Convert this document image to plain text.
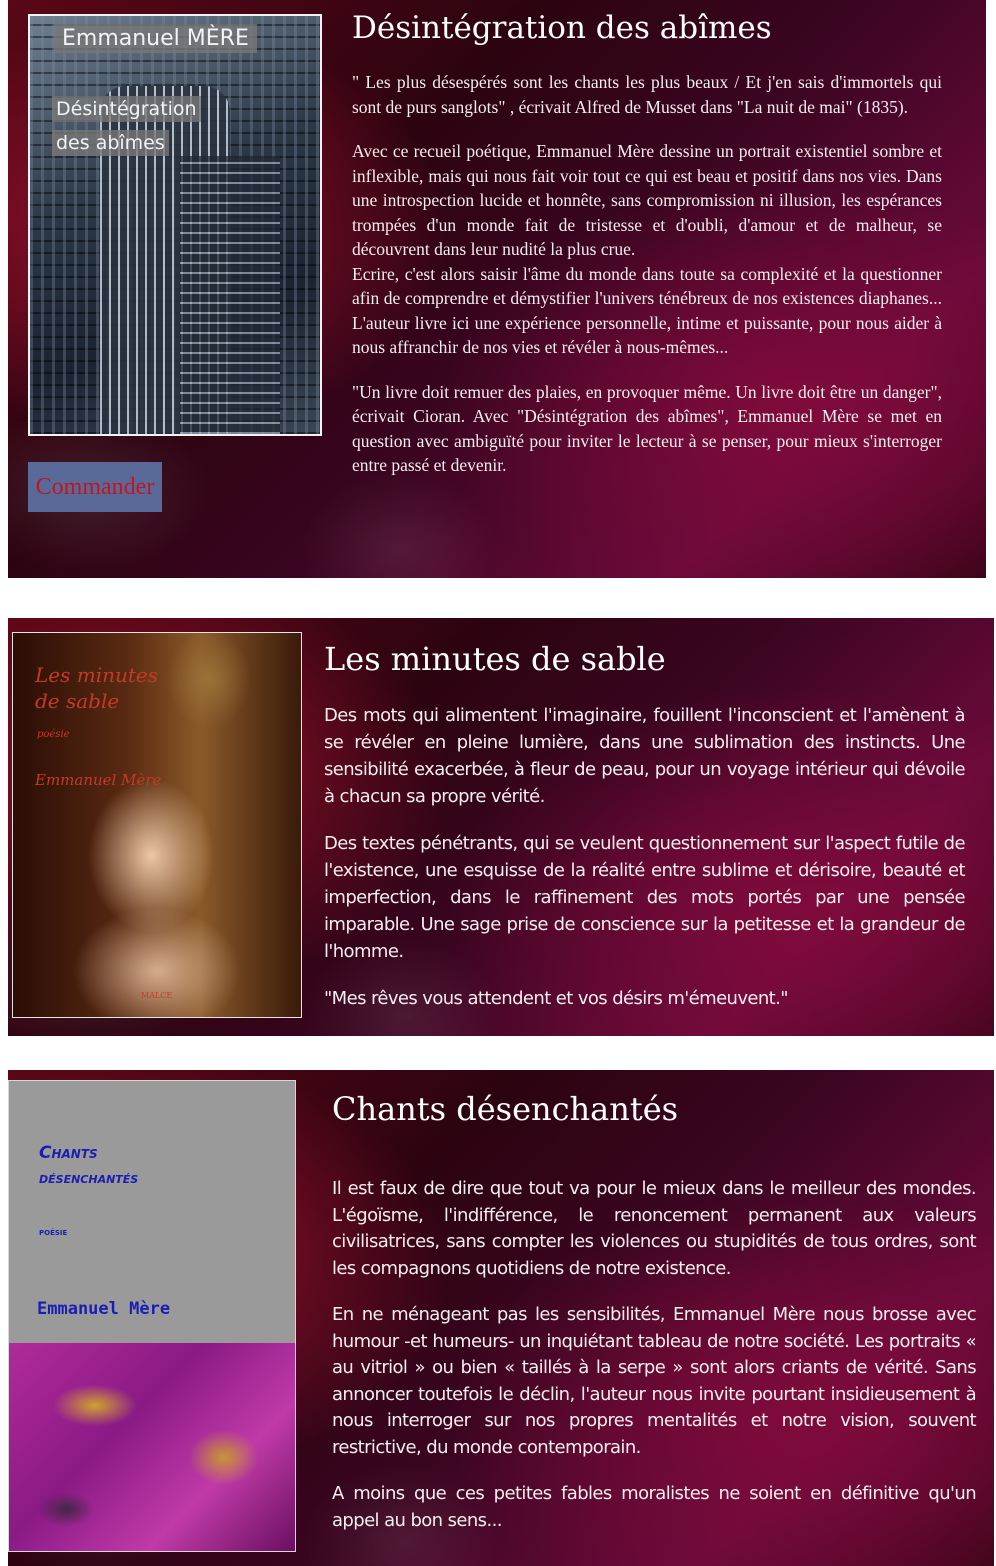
Emmanuel MÈRE
Désintégration
des abîmes
Commander
Désintégration des abîmes

" Les plus désespérés sont les chants les plus beaux / Et j'en sais d'immortels qui sont de purs sanglots" , écrivait Alfred de Musset dans "La nuit de mai" (1835).

Avec ce recueil poétique, Emmanuel Mère dessine un portrait existentiel sombre et inflexible, mais qui nous fait voir tout ce qui est beau et positif dans nos vies. Dans une introspection lucide et honnête, sans compromission ni illusion, les espérances trompées d'un monde fait de tristesse et d'oubli, d'amour et de malheur, se découvrent dans leur nudité la plus crue.

Ecrire, c'est alors saisir l'âme du monde dans toute sa complexité et la questionner afin de comprendre et démystifier l'univers ténébreux de nos existences diaphanes... L'auteur livre ici une expérience personnelle, intime et puissante, pour nous aider à nous affranchir de nos vies et révéler à nous-mêmes...

"Un livre doit remuer des plaies, en provoquer même. Un livre doit être un danger", écrivait Cioran. Avec "Désintégration des abîmes", Emmanuel Mère se met en question avec ambiguïté pour inviter le lecteur à se penser, pour mieux s'interroger entre passé et devenir.

Les minutes
de sable
poésie
Emmanuel Mère
MALCE
Les minutes de sable

Des mots qui alimentent l'imaginaire, fouillent l'inconscient et l'amènent à se révéler en pleine lumière, dans une sublimation des instincts. Une sensibilité exacerbée, à fleur de peau, pour un voyage intérieur qui dévoile à chacun sa propre vérité.

Des textes pénétrants, qui se veulent questionnement sur l'aspect futile de l'existence, une esquisse de la réalité entre sublime et dérisoire, beauté et imperfection, dans le raffinement des mots portés par une pensée imparable. Une sage prise de conscience sur la petitesse et la grandeur de l'homme.

"Mes rêves vous attendent et vos désirs m'émeuvent."

Chants
désenchantés
POÉSIE
Emmanuel Mère
Chants désenchantés

Il est faux de dire que tout va pour le mieux dans le meilleur des mondes. L'égoïsme, l'indifférence, le renoncement permanent aux valeurs civilisatrices, sans compter les violences ou stupidités de tous ordres, sont les compagnons quotidiens de notre existence.

En ne ménageant pas les sensibilités, Emmanuel Mère nous brosse avec humour -et humeurs- un inquiétant tableau de notre société. Les portraits « au vitriol » ou bien « taillés à la serpe » sont alors criants de vérité. Sans annoncer toutefois le déclin, l'auteur nous invite pourtant insidieusement à nous interroger sur nos propres mentalités et notre vision, souvent restrictive, du monde contemporain.

A moins que ces petites fables moralistes ne soient en définitive qu'un appel au bon sens...
